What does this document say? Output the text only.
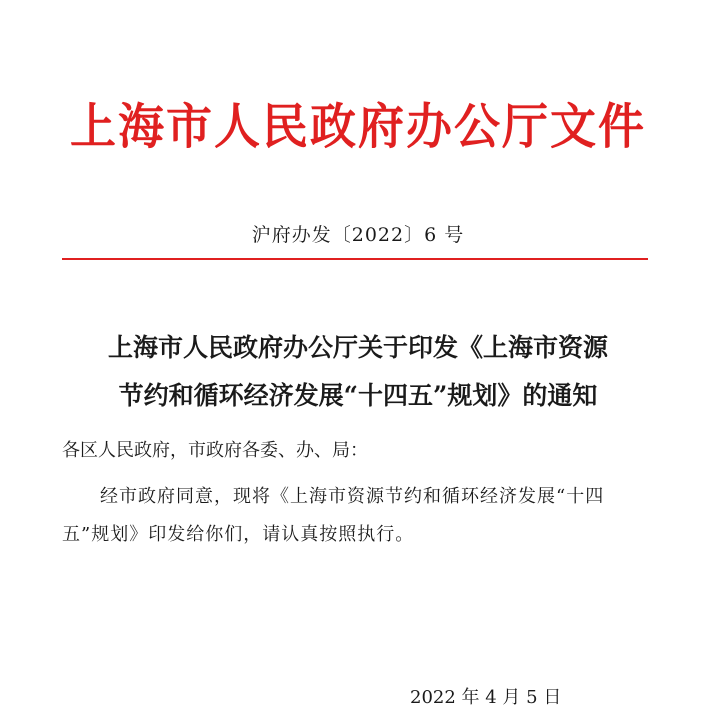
上海市人民政府办公厅文件
沪府办发〔2022〕6 号
上海市人民政府办公厅关于印发《上海市资源
节约和循环经济发展“十四五”规划》的通知
各区人民政府，市政府各委、办、局：
经市政府同意，现将《上海市资源节约和循环经济发展“十四五”规划》印发给你们，请认真按照执行。
2022 年 4 月 5 日
